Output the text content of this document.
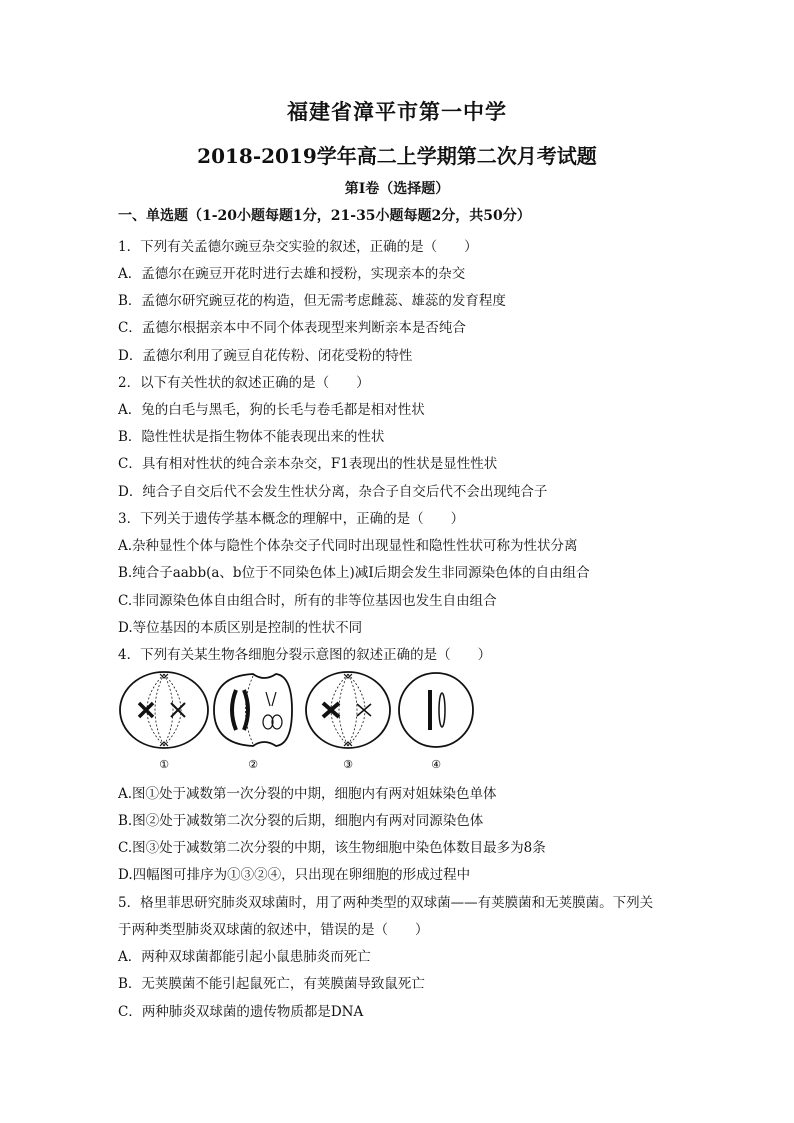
福建省漳平市第一中学
2018-2019学年高二上学期第二次月考试题
第Ⅰ卷（选择题）
一、单选题（1-20小题每题1分，21-35小题每题2分，共50分）
1．下列有关孟德尔豌豆杂交实验的叙述，正确的是（　　）
A．孟德尔在豌豆开花时进行去雄和授粉，实现亲本的杂交
B．孟德尔研究豌豆花的构造，但无需考虑雌蕊、雄蕊的发育程度
C．孟德尔根据亲本中不同个体表现型来判断亲本是否纯合
D．孟德尔利用了豌豆自花传粉、闭花受粉的特性
2．以下有关性状的叙述正确的是（　　）
A．兔的白毛与黑毛，狗的长毛与卷毛都是相对性状
B．隐性性状是指生物体不能表现出来的性状
C．具有相对性状的纯合亲本杂交，F1表现出的性状是显性性状
D．纯合子自交后代不会发生性状分离，杂合子自交后代不会出现纯合子
3．下列关于遗传学基本概念的理解中，正确的是（　　）
A.杂种显性个体与隐性个体杂交子代同时出现显性和隐性性状可称为性状分离
B.纯合子aabb(a、b位于不同染色体上)减Ⅰ后期会发生非同源染色体的自由组合
C.非同源染色体自由组合时，所有的非等位基因也发生自由组合
D.等位基因的本质区别是控制的性状不同
4．下列有关某生物各细胞分裂示意图的叙述正确的是（　　）
①	②	③	④
A.图①处于减数第一次分裂的中期，细胞内有两对姐妹染色单体
B.图②处于减数第二次分裂的后期，细胞内有两对同源染色体
C.图③处于减数第二次分裂的中期，该生物细胞中染色体数目最多为8条
D.四幅图可排序为①③②④，只出现在卵细胞的形成过程中
5．格里菲思研究肺炎双球菌时，用了两种类型的双球菌——有荚膜菌和无荚膜菌。下列关
于两种类型肺炎双球菌的叙述中，错误的是（　　）
A．两种双球菌都能引起小鼠患肺炎而死亡
B．无荚膜菌不能引起鼠死亡，有荚膜菌导致鼠死亡
C．两种肺炎双球菌的遗传物质都是DNA
